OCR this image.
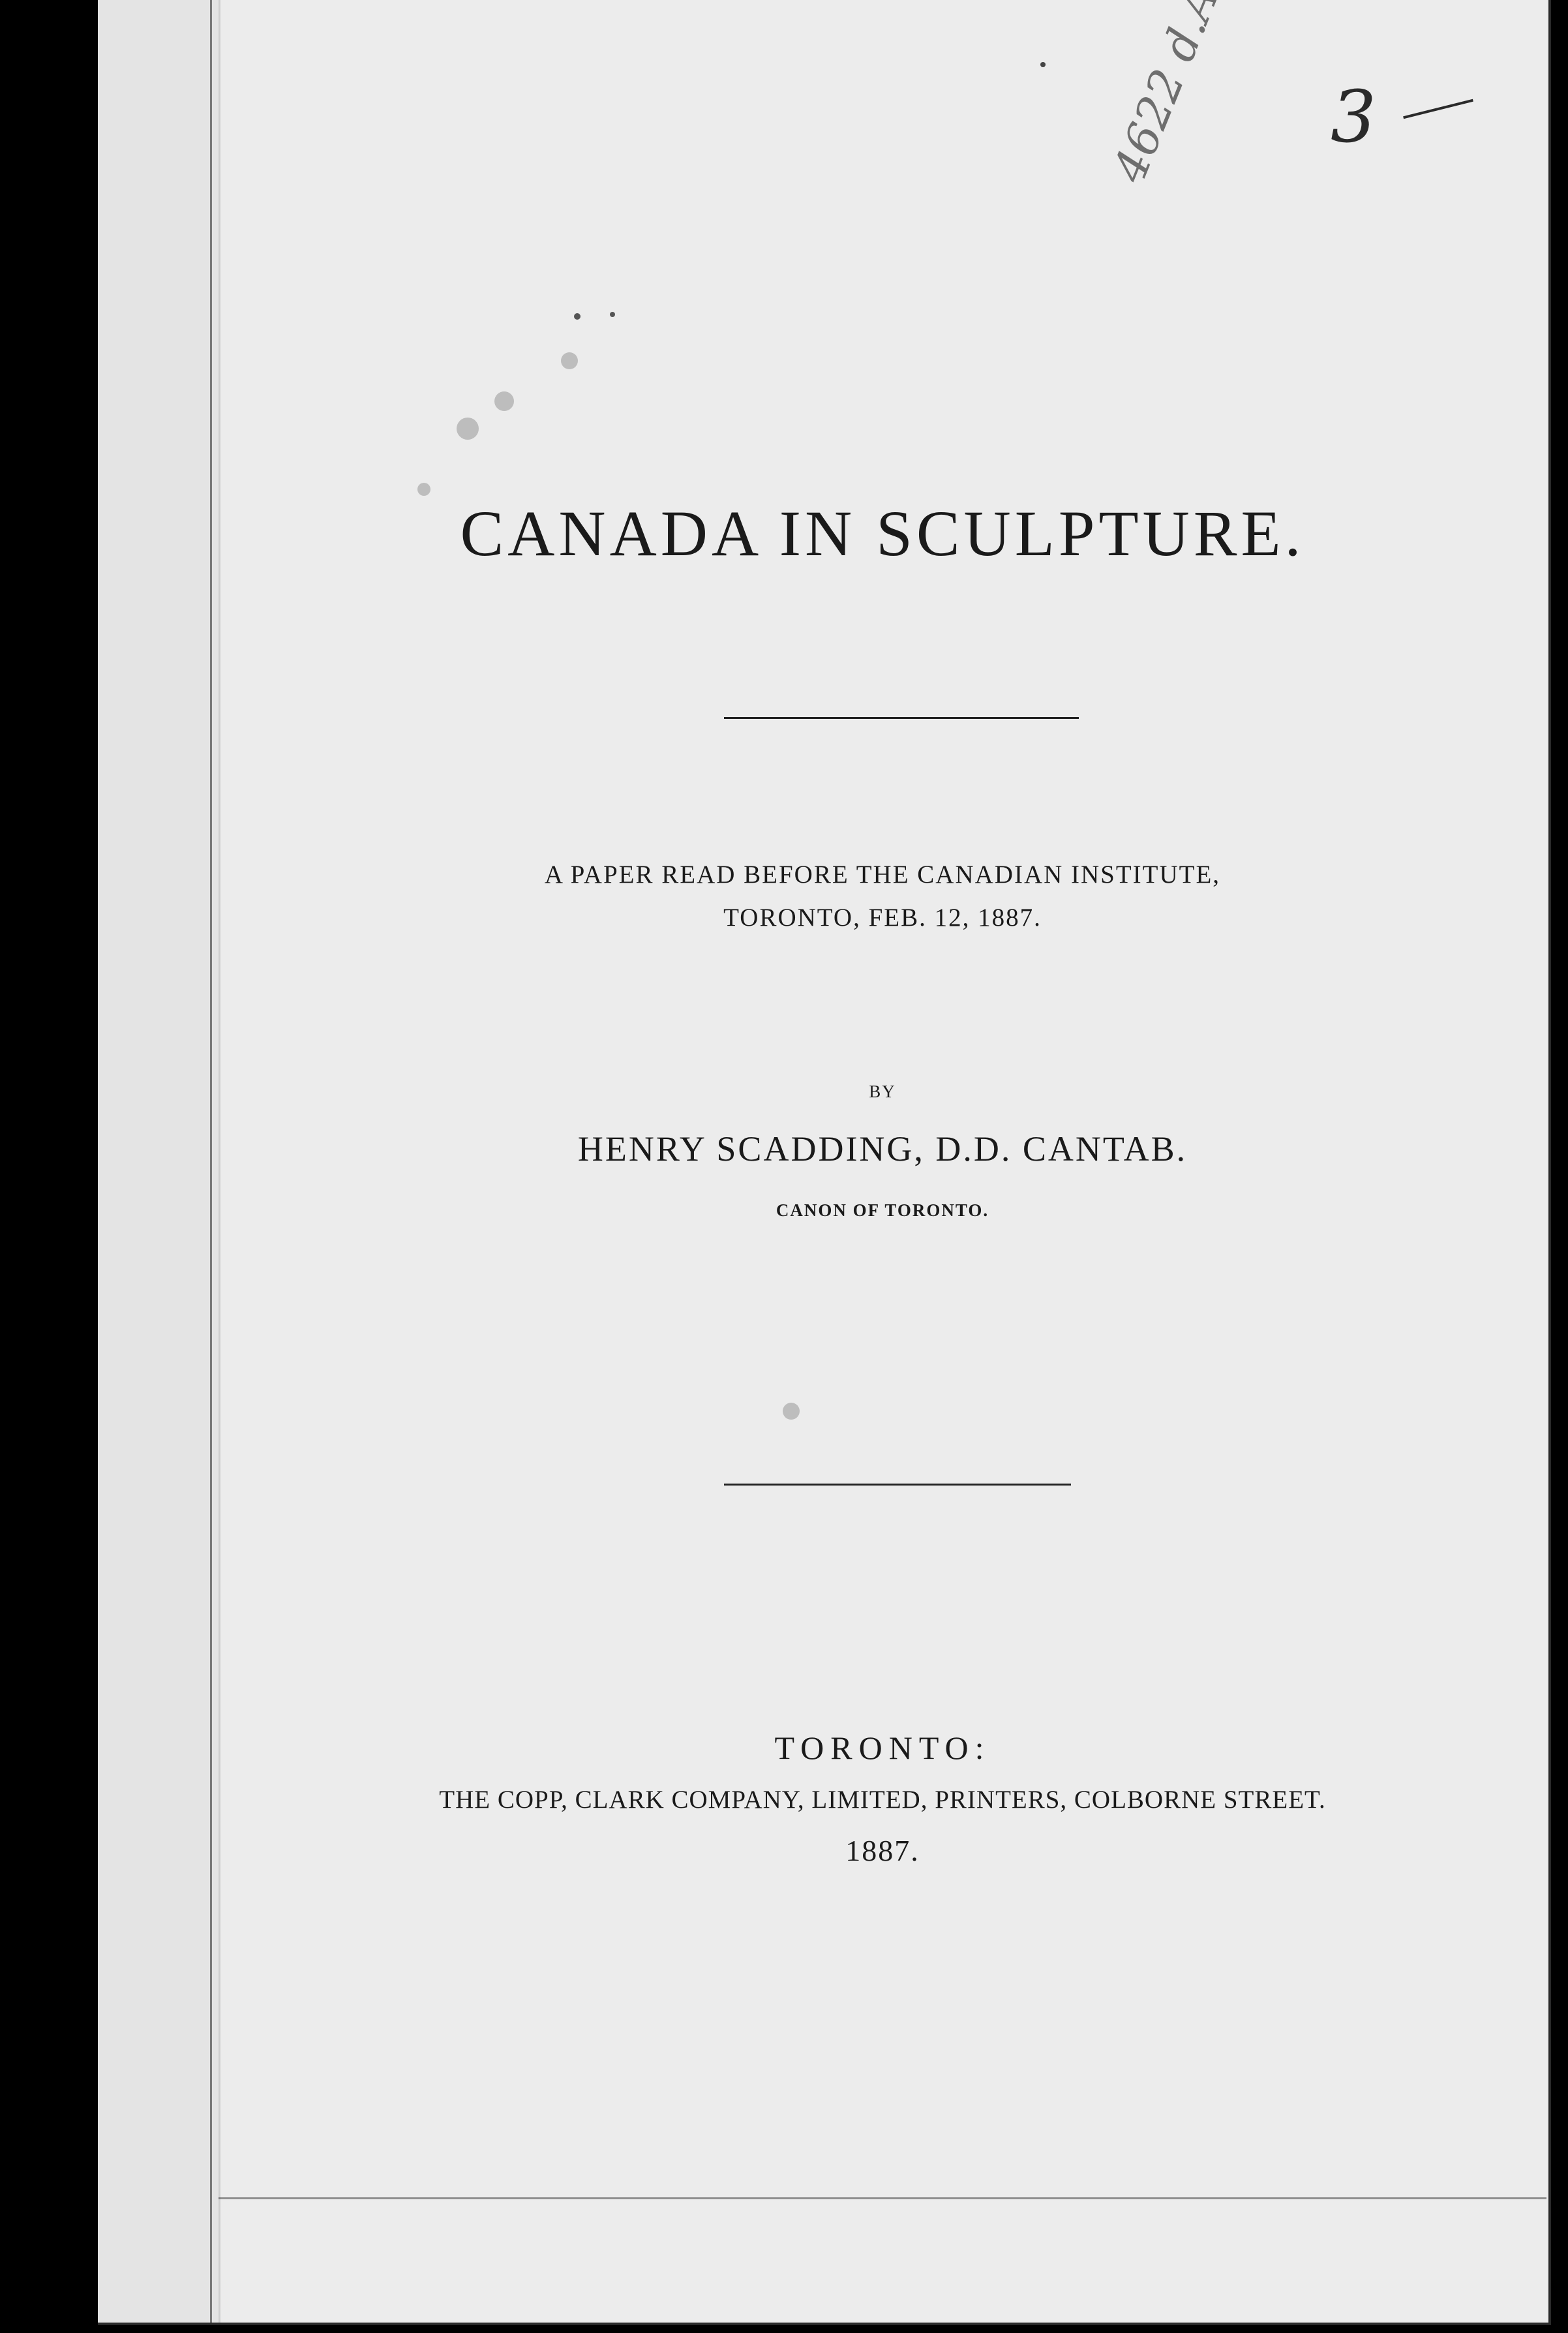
3
CANADA IN SCULPTURE.
A PAPER READ BEFORE THE CANADIAN INSTITUTE,
TORONTO, FEB. 12, 1887.
BY
HENRY SCADDING, D.D. CANTAB.
CANON OF TORONTO.
TORONTO:
THE COPP, CLARK COMPANY, LIMITED, PRINTERS, COLBORNE STREET.
1887.
